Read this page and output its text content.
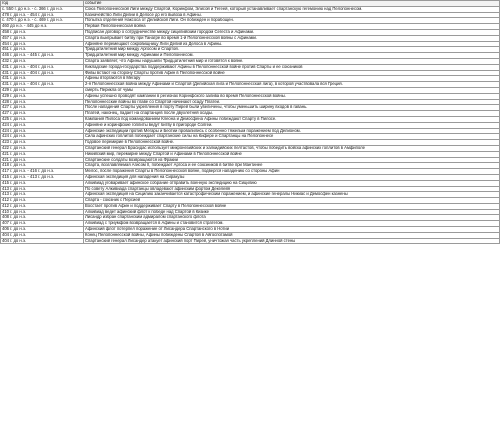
год	событие
с. 550 г. до н.э. - с. 366 г. до н.э.	Союз Пелопоннесской Лиги между Спартой, Коринфом, Элисой и Тегеей, который устанавливает спартанскую гегемонию над Пелопоннесом.
478 г. до н.э. - 454 г. до н.э.	Казначейство Лиги Делии в Делосе до его вывоза в Афины.
с. 470 г. до н.э. - с. 469 г. до н.э.	Попытка отделения Наксоса от Делийской Лиги. Он побежден и порабощен.
460 до н.э. - 445 до н.э.	Первая Пелопоннесская война
458 г. до н.э.	Подписан договор о сотрудничестве между сицилийским городом Сегеста и Афинами.
457 г. до н.э.	Спарта выигрывает битву при Танагре во время 1-й Пелопоннесской войны с Афинами.
454 г. до н.э.	Афиняне перемещают сокровищницу Лиги Делий из Делоса в Афины.
451 г. до н.э.	Тридцатилетний мир между Аргосом и Спартой.
446 г. до н.э. - 445 г. до н.э.	Тридцатилетний мир между Афинами и Пелопоннесом.
432 г. до н.э.	Спарта заявляет, что Афины нарушили Тридцатилетний мир и готовятся к войне.
431 г. до н.э. - 404 г. до н.э.	Кикладские города-государства поддерживают Афины в Пелопоннесской войне против Спарты и ее союзников
431 г. до н.э. - 404 г. до н.э.	Фивы встают на сторону Спарты против Афин в Пелопоннесской войне
431 г. до н.э.	Афины вторгаются в Мегару
431 г. до н.э. - 404 г. до н.э.	2-я Пелопоннесская война между Афинами и Спартой (Делийская лига и Пелопоннесская лига), в которой участвовала вся Греция.
429 г. до н.э.	смерть Перикла от чумы
429 г. до н.э.	Афины успешно проводят кампании в регионах Коринфского залива во время Пелопоннесской войны.
428 г. до н.э.	Пелопоннесские войны во главе со Спартой начинают осаду Платеи.
427 г. до н.э.	После нападения Спарты укрепления в порту Пирей были увеличены, чтобы уменьшить ширину входов в гавань.
427 г. до н.э.	Платей, наконец, падает на спартанцев после двухлетней осады.
425 г. до н.э.	Кампания Пилоса под командованием Клеона и Демосфена Афины побеждают Спарту в Пилосе.
424 г. до н.э.	Афиняне и коринфские гоплиты ведут битву в пригороде Солгеи.
424 г. до н.э.	Афинские экспедиции против Мегары и Беотии провалились с особенно тяжелым поражением под Делионом.
424 г. до н.э.	Сила афинских гоплитов побеждает спартанские силы на Кифере и Спартанцы на Пелопоннесе
423 г. до н.э.	Годовое перемирие в Пелопоннесской войне.
422 г. до н.э.	Спартанский генерал Брасидас использует микронезийских и халкидийских пелтастов, чтобы победить войска афинских гоплитов в Амфиполе
421 г. до н.э.	Никийский мир, перемирие между Спартой и Афинами в Пелопоннесской войне
421 г. до н.э.	Спартанские солдаты возвращаются из Фракии
418 г. до н.э.	Спарта, возглавляемая Агисом II, побеждает Аргоса и ее союзников в битве при Мантинее
417 г. до н.э. - 416 г. до н.э.	Мелос, после поражения Спарты в Пелопоннесской войне, подвергся нападению со стороны Афин
415 г. до н.э. - 413 г. до н.э.	Афинская экспедиция для нападения на Сиракузы
415 г. до н.э.	Алкивиад уговаривает афинское собрание отправить военную экспедицию на Сицилию
413 г. до н.э.	По совету Алкивиада спартанцы овладевают афинским фортом Декелейя
413 г. до н.э.	Афинская экспедиция на Сицилию заканчивается катастрофическим поражением, и афинские генералы Никиас и Демосфен казнены
412 г. до н.э.	Спарта - союзник с Персией
412 г. до н.э.	Восстает против Афин и поддерживает Спарту в Пелопоннесской войне
410 г. до н.э.	Алкивиад ведет афинский флот к победе над Спартой в Кизике
408 г. до н.э.	Лисандр избран спартанским адмиралом спартанского флота
407 г. до н.э.	Алкивиад с триумфом возвращается в Афины и становится стратегом.
406 г. до н.э.	Афинский флот потерпел поражение от Лисандера Спартанского в Нотии
404 г. до н.э.	Конец Пелопоннесской войны, Афины побеждены Спартой в Айгоспотамой
404 г. до н.э.	Спартанский генерал Лисандер атакует афинский порт Пирей, уничтожая часть укреплений Длинной стены
